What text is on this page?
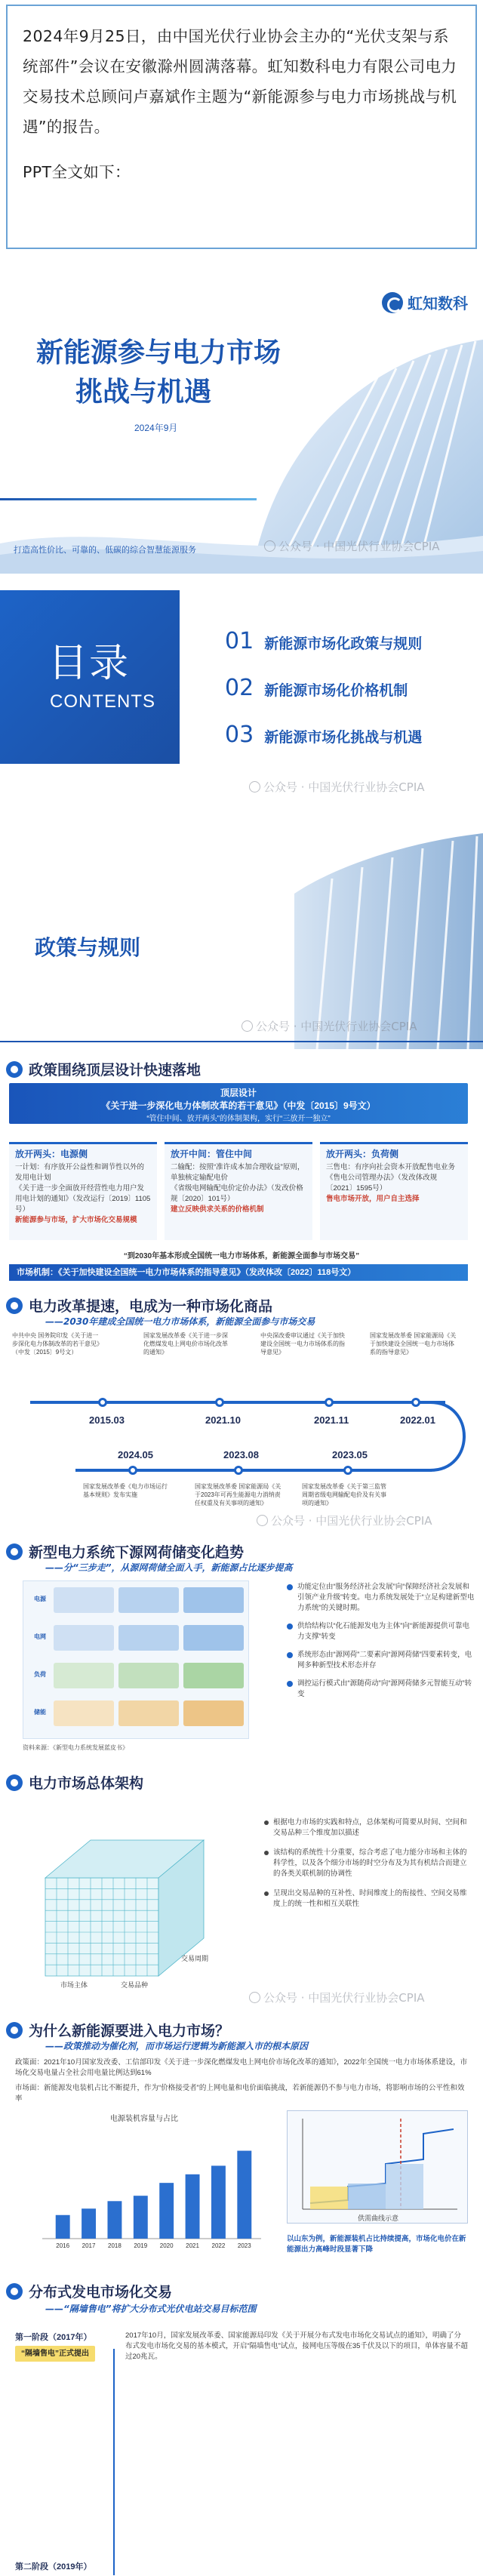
2024年9月25日，由中国光伏行业协会主办的“光伏支架与系统部件”会议在安徽滁州圆满落幕。虹知数科电力有限公司电力交易技术总顾问卢嘉斌作主题为“新能源参与电力市场挑战与机遇”的报告。

PPT全文如下：

虹知数科
新能源参与电力市场
挑战与机遇
2024年9月
打造高性价比、可靠的、低碳的综合智慧能源服务	公众号 · 中国光伏行业协会CPIA
目录
CONTENTS
01 新能源市场化政策与规则
02 新能源市场化价格机制
03 新能源市场化挑战与机遇
公众号 · 中国光伏行业协会CPIA
政策与规则
公众号 · 中国光伏行业协会CPIA
政策围绕顶层设计快速落地
顶层设计
《关于进一步深化电力体制改革的若干意见》（中发〔2015〕9号文）
“管住中间、放开两头”的体制架构，实行“三放开一独立”
放开两头：电源侧
一计划：有序放开公益性和调节性以外的发用电计划
《关于进一步全面放开经营性电力用户发用电计划的通知》（发改运行〔2019〕1105号）
新能源参与市场，扩大市场化交易规模
放开中间：管住中间
二输配：按照“准许成本加合理收益”原则，单独核定输配电价
《省级电网输配电价定价办法》（发改价格规〔2020〕101号）
建立反映供求关系的价格机制
放开两头：负荷侧
三售电：有序向社会资本开放配售电业务
《售电公司管理办法》（发改体改规〔2021〕1595号）
售电市场开放，用户自主选择
“到2030年基本形成全国统一电力市场体系，新能源全面参与市场交易”
市场机制：《关于加快建设全国统一电力市场体系的指导意见》（发改体改〔2022〕118号文）
电力改革提速，电成为一种市场化商品
——2030年建成全国统一电力市场体系，新能源全面参与市场交易
中共中央 国务院印发《关于进一步深化电力体制改革的若干意见》（中发〔2015〕9号文）
国家发展改革委《关于进一步深化燃煤发电上网电价市场化改革的通知》
中央深改委审议通过《关于加快建设全国统一电力市场体系的指导意见》
国家发展改革委 国家能源局《关于加快建设全国统一电力市场体系的指导意见》
2015.03	2021.10	2021.11	2022.01
2024.05	2023.08	2023.05
国家发展改革委《电力市场运行基本规则》发布实施
国家发展改革委 国家能源局《关于2023年可再生能源电力消纳责任权重及有关事项的通知》
国家发展改革委《关于第三监管周期省级电网输配电价及有关事项的通知》
公众号 · 中国光伏行业协会CPIA
新型电力系统下源网荷储变化趋势
——分“三步走”，从源网荷储全面入手，新能源占比逐步提高
电源
电网
负荷
储能
资料来源：《新型电力系统发展蓝皮书》
功能定位由“服务经济社会发展”向“保障经济社会发展和引领产业升级”转变。电力系统发展处于“立足构建新型电力系统”的关键时期。
供给结构以“化石能源发电为主体”向“新能源提供可靠电力支撑”转变
系统形态由“源网荷”二要素向“源网荷储”四要素转变，电网多种新型技术形态并存
调控运行模式由“源随荷动”向“源网荷储多元智能互动”转变
电力市场总体架构
市场主体	交易品种
交易周期
根据电力市场的实践和特点，总体架构可简要从时间、空间和交易品种三个维度加以描述
该结构的系统性十分重要，综合考虑了电力能分市场和主体的科学性，以及各个细分市场的时空分布及为其有机结合而建立的各类关联机制的协调性
呈现出交易品种的互补性、时间维度上的衔接性、空间交易维度上的统一性和相互关联性
公众号 · 中国光伏行业协会CPIA
为什么新能源要进入电力市场？
——政策推动为催化剂，而市场运行逻辑为新能源入市的根本原因
政策面：2021年10月国家发改委、工信部印发《关于进一步深化燃煤发电上网电价市场化改革的通知》，2022年全国统一电力市场体系建设，市场化交易电量占全社会用电量比例达到61%
市场面：新能源发电装机占比不断提升，作为“价格接受者”的上网电量和电价面临挑战，若新能源仍不参与电力市场，将影响市场的公平性和效率
电源装机容量与占比
2016 2017 2018 2019 2020 2021 2022 2023
供需曲线示意
以山东为例，新能源装机占比持续提高，市场化电价在新能源出力高峰时段显著下降
分布式发电市场化交易
——“隔墙售电”将扩大分布式光伏电站交易目标范围
第一阶段（2017年）
“隔墙售电”正式提出
2017年10月，国家发展改革委、国家能源局印发《关于开展分布式发电市场化交易试点的通知》，明确了分布式发电市场化交易的基本模式，开启“隔墙售电”试点，接网电压等级在35千伏及以下的项目，单体容量不超过20兆瓦。
第二阶段（2019年）
